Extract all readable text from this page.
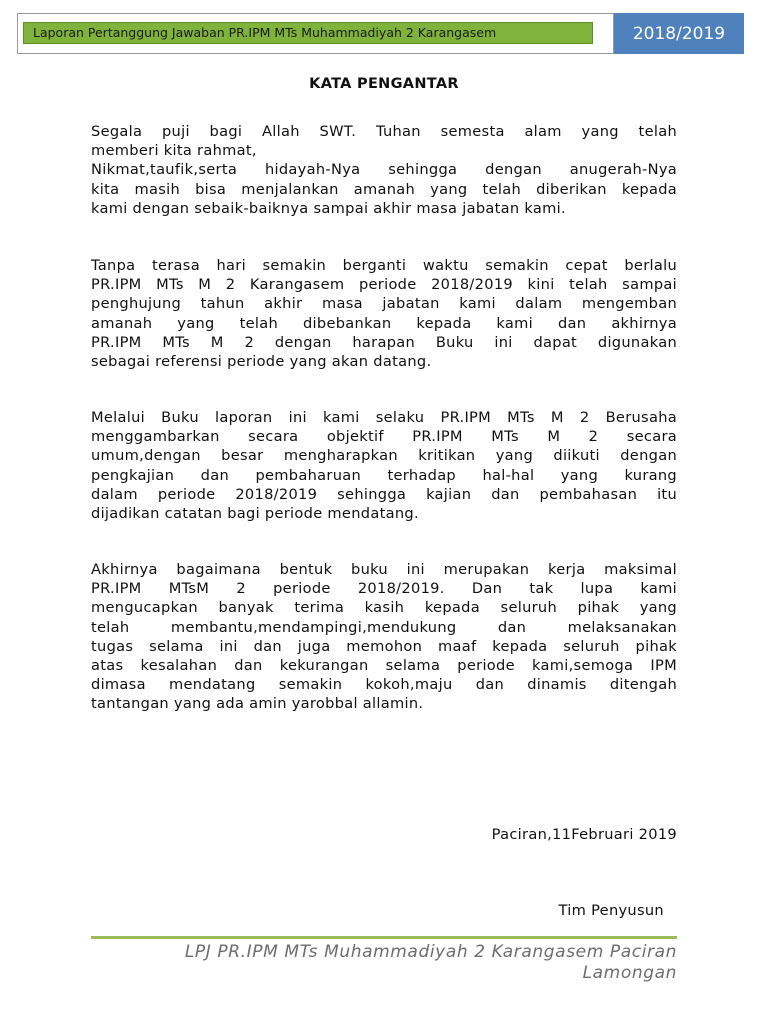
Laporan Pertanggung Jawaban PR.IPM MTs Muhammadiyah 2 Karangasem	2018/2019
KATA PENGANTAR
Segala puji bagi Allah SWT. Tuhan semesta alam yang telah
memberi kita rahmat,
Nikmat,taufik,serta hidayah-Nya sehingga dengan anugerah-Nya
kita masih bisa menjalankan amanah yang telah diberikan kepada
kami dengan sebaik-baiknya sampai akhir masa jabatan kami.
Tanpa terasa hari semakin berganti waktu semakin cepat berlalu
PR.IPM MTs M 2 Karangasem periode 2018/2019 kini telah sampai
penghujung tahun akhir masa jabatan kami dalam mengemban
amanah yang telah dibebankan kepada kami dan akhirnya
PR.IPM MTs M 2 dengan harapan Buku ini dapat digunakan
sebagai referensi periode yang akan datang.
Melalui Buku laporan ini kami selaku PR.IPM MTs M 2 Berusaha
menggambarkan secara objektif PR.IPM MTs M 2 secara
umum,dengan besar mengharapkan kritikan yang diikuti dengan
pengkajian dan pembaharuan terhadap hal-hal yang kurang
dalam periode 2018/2019 sehingga kajian dan pembahasan itu
dijadikan catatan bagi periode mendatang.
Akhirnya bagaimana bentuk buku ini merupakan kerja maksimal
PR.IPM MTsM 2 periode 2018/2019. Dan tak lupa kami
mengucapkan banyak terima kasih kepada seluruh pihak yang
telah membantu,mendampingi,mendukung dan melaksanakan
tugas selama ini dan juga memohon maaf kepada seluruh pihak
atas kesalahan dan kekurangan selama periode kami,semoga IPM
dimasa mendatang semakin kokoh,maju dan dinamis ditengah
tantangan yang ada amin yarobbal allamin.
Paciran,11Februari 2019
Tim Penyusun
LPJ PR.IPM MTs Muhammadiyah 2 Karangasem Paciran
Lamongan
